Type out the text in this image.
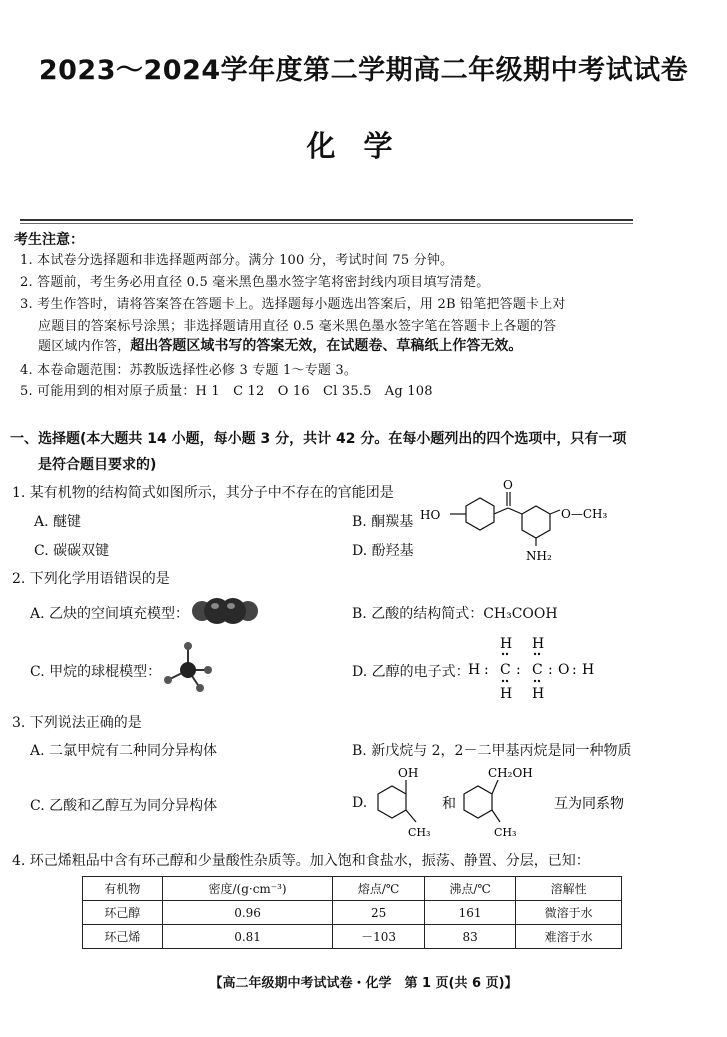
2023～2024学年度第二学期高二年级期中考试试卷
化学
考生注意：
1. 本试卷分选择题和非选择题两部分。满分 100 分，考试时间 75 分钟。
2. 答题前，考生务必用直径 0.5 毫米黑色墨水签字笔将密封线内项目填写清楚。
3. 考生作答时，请将答案答在答题卡上。选择题每小题选出答案后，用 2B 铅笔把答题卡上对
应题目的答案标号涂黑；非选择题请用直径 0.5 毫米黑色墨水签字笔在答题卡上各题的答
题区域内作答，超出答题区域书写的答案无效，在试题卷、草稿纸上作答无效。
4. 本卷命题范围：苏教版选择性必修 3 专题 1～专题 3。
5. 可能用到的相对原子质量：H 1　C 12　O 16　Cl 35.5　Ag 108
一、选择题(本大题共 14 小题，每小题 3 分，共计 42 分。在每小题列出的四个选项中，只有一项
是符合题目要求的)
1. 某有机物的结构简式如图所示，其分子中不存在的官能团是
A. 醚键	B. 酮羰基
C. 碳碳双键	D. 酚羟基
HO
O
O—CH₃
NH₂
2. 下列化学用语错误的是
A. 乙炔的空间填充模型：	B. 乙酸的结构简式：CH₃COOH
C. 甲烷的球棍模型：	D. 乙醇的电子式：
H H
H : C : C : O : H
H H
3. 下列说法正确的是
A. 二氯甲烷有二种同分异构体	B. 新戊烷与 2，2－二甲基丙烷是同一种物质
C. 乙酸和乙醇互为同分异构体	D.
OH
CH₃
和
CH₂OH
CH₃
互为同系物
4. 环己烯粗品中含有环己醇和少量酸性杂质等。加入饱和食盐水，振荡、静置、分层，已知：
有机物	密度/(g·cm⁻³)	熔点/℃	沸点/℃	溶解性
环己醇	0.96	25	161	微溶于水
环己烯	0.81	－103	83	难溶于水
【高二年级期中考试试卷・化学　第 1 页(共 6 页)】
